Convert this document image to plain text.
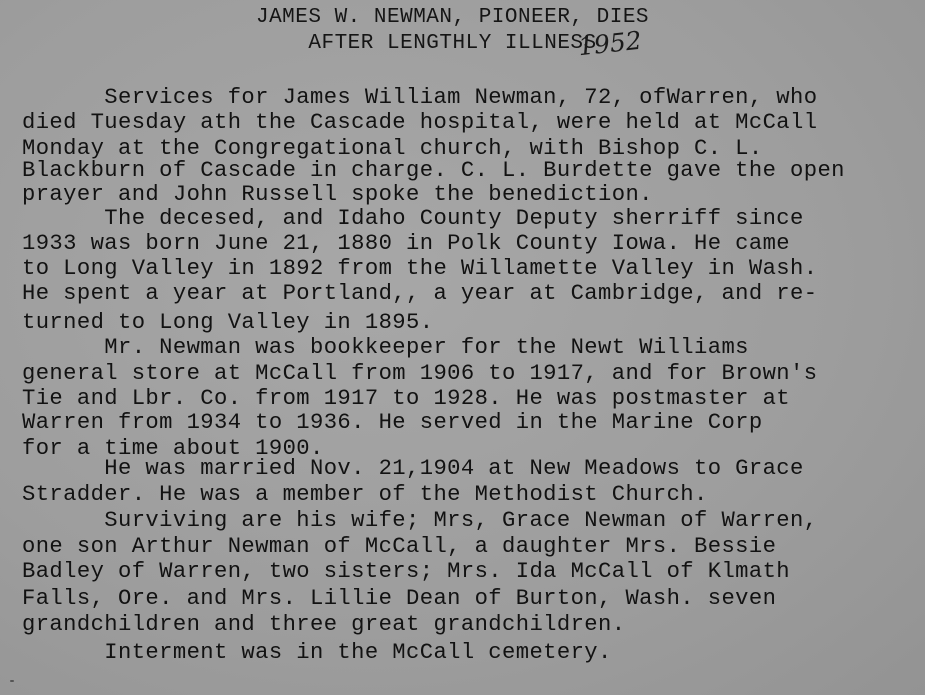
JAMES W. NEWMAN, PIONEER, DIES
AFTER LENGTHLY ILLNESS
1952
Services for James William Newman, 72, ofWarren, who
died Tuesday ath the Cascade hospital, were held at McCall
Monday at the Congregational church, with Bishop C. L.
Blackburn of Cascade in charge. C. L. Burdette gave the open
prayer and John Russell spoke the benediction.
The decesed, and Idaho County Deputy sherriff since
1933 was born June 21, 1880 in Polk County Iowa. He came
to Long Valley in 1892 from the Willamette Valley in Wash.
He spent a year at Portland,, a year at Cambridge, and re-
turned to Long Valley in 1895.
Mr. Newman was bookkeeper for the Newt Williams
general store at McCall from 1906 to 1917, and for Brown's
Tie and Lbr. Co. from 1917 to 1928. He was postmaster at
Warren from 1934 to 1936. He served in the Marine Corp
for a time about 1900.
He was married Nov. 21,1904 at New Meadows to Grace
Stradder. He was a member of the Methodist Church.
Surviving are his wife; Mrs, Grace Newman of Warren,
one son Arthur Newman of McCall, a daughter Mrs. Bessie
Badley of Warren, two sisters; Mrs. Ida McCall of Klmath
Falls, Ore. and Mrs. Lillie Dean of Burton, Wash. seven
grandchildren and three great grandchildren.
Interment was in the McCall cemetery.
